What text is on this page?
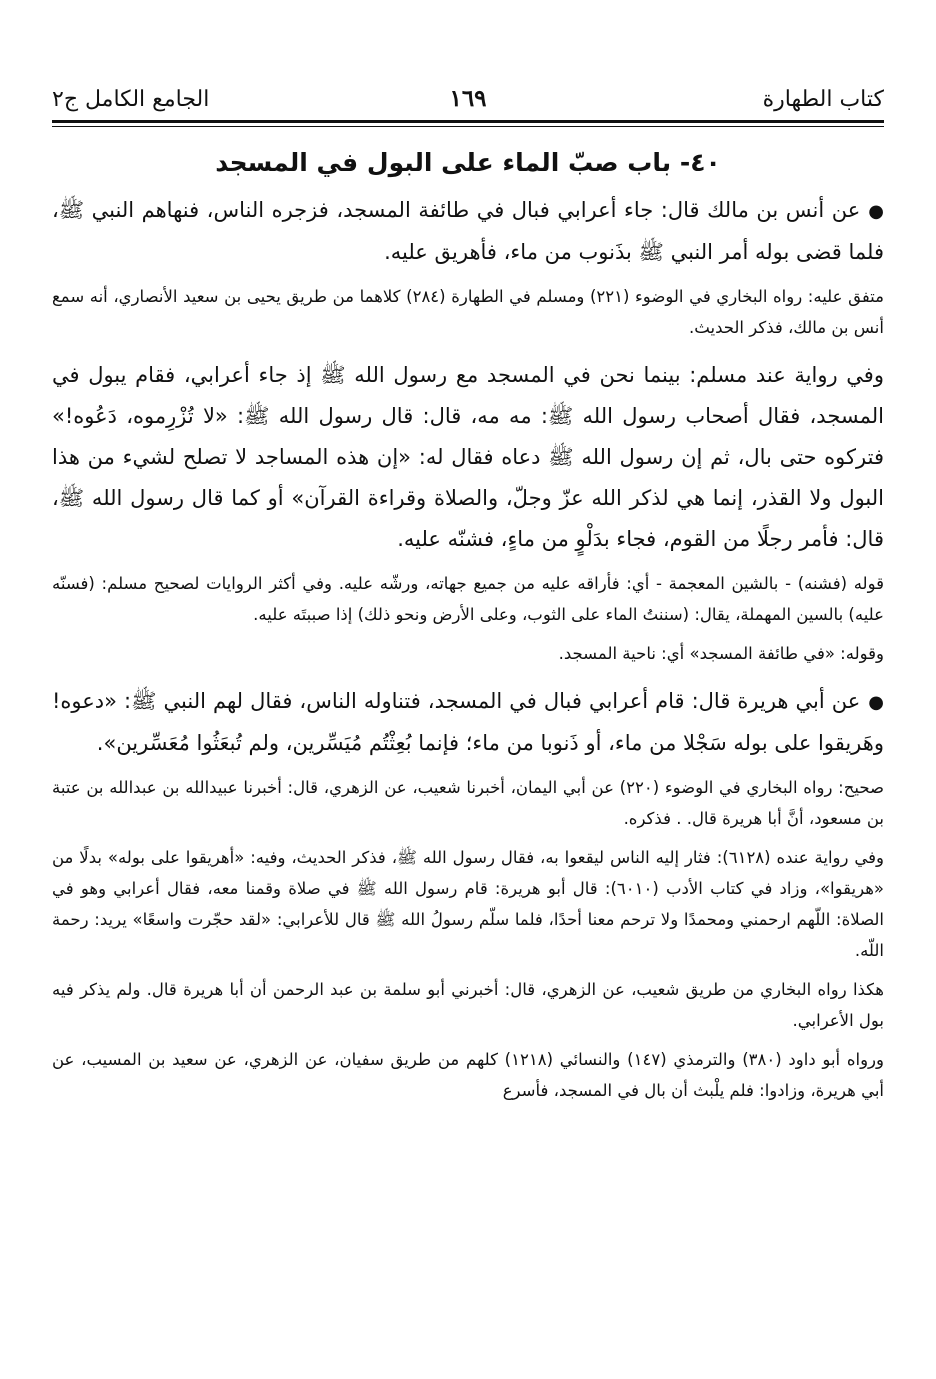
كتاب الطهارة
١٦٩
الجامع الكامل ج٢
٤٠- باب صبّ الماء على البول في المسجد

●عن أنس بن مالك قال: جاء أعرابي فبال في طائفة المسجد، فزجره الناس، فنهاهم النبي ﷺ، فلما قضى بوله أمر النبي ﷺ بذَنوب من ماء، فأهريق عليه.

متفق عليه: رواه البخاري في الوضوء (٢٢١) ومسلم في الطهارة (٢٨٤) كلاهما من طريق يحيى بن سعيد الأنصاري، أنه سمع أنس بن مالك، فذكر الحديث.

وفي رواية عند مسلم: بينما نحن في المسجد مع رسول الله ﷺ إذ جاء أعرابي، فقام يبول في المسجد، فقال أصحاب رسول الله ﷺ: مه مه، قال: قال رسول الله ﷺ: «لا تُزْرِموه، دَعُوه!» فتركوه حتى بال، ثم إن رسول الله ﷺ دعاه فقال له: «إن هذه المساجد لا تصلح لشيء من هذا البول ولا القذر، إنما هي لذكر الله عزّ وجلّ، والصلاة وقراءة القرآن» أو كما قال رسول الله ﷺ، قال: فأمر رجلًا من القوم، فجاء بدَلْوٍ من ماءٍ، فشنّه عليه.

قوله (فشنه) - بالشين المعجمة - أي: فأراقه عليه من جميع جهاته، ورشّه عليه. وفي أكثر الروايات لصحيح مسلم: (فسنّه عليه) بالسين المهملة، يقال: (سننتُ الماء على الثوب، وعلى الأرض ونحو ذلك) إذا صببتَه عليه.

وقوله: «في طائفة المسجد» أي: ناحية المسجد.

●عن أبي هريرة قال: قام أعرابي فبال في المسجد، فتناوله الناس، فقال لهم النبي ﷺ: «دعوه! وهَريقوا على بوله سَجْلا من ماء، أو ذَنوبا من ماء؛ فإنما بُعِثْتُم مُيَسِّرين، ولم تُبعَثُوا مُعَسِّرين».

صحيح: رواه البخاري في الوضوء (٢٢٠) عن أبي اليمان، أخبرنا شعيب، عن الزهري، قال: أخبرنا عبيدالله بن عبدالله بن عتبة بن مسعود، أنَّ أبا هريرة قال. . فذكره.

وفي رواية عنده (٦١٢٨): فثار إليه الناس ليقعوا به، فقال رسول الله ﷺ، فذكر الحديث، وفيه: «أهريقوا على بوله» بدلًا من «هريقوا»، وزاد في كتاب الأدب (٦٠١٠): قال أبو هريرة: قام رسول الله ﷺ في صلاة وقمنا معه، فقال أعرابي وهو في الصلاة: اللّهم ارحمني ومحمدًا ولا ترحم معنا أحدًا، فلما سلّم رسولُ الله ﷺ قال للأعرابي: «لقد حجّرت واسعًا» يريد: رحمة اللّه.

هكذا رواه البخاري من طريق شعيب، عن الزهري، قال: أخبرني أبو سلمة بن عبد الرحمن أن أبا هريرة قال. ولم يذكر فيه بول الأعرابي.

ورواه أبو داود (٣٨٠) والترمذي (١٤٧) والنسائي (١٢١٨) كلهم من طريق سفيان، عن الزهري، عن سعيد بن المسيب، عن أبي هريرة، وزادوا: فلم يلْبث أن بال في المسجد، فأسرع
